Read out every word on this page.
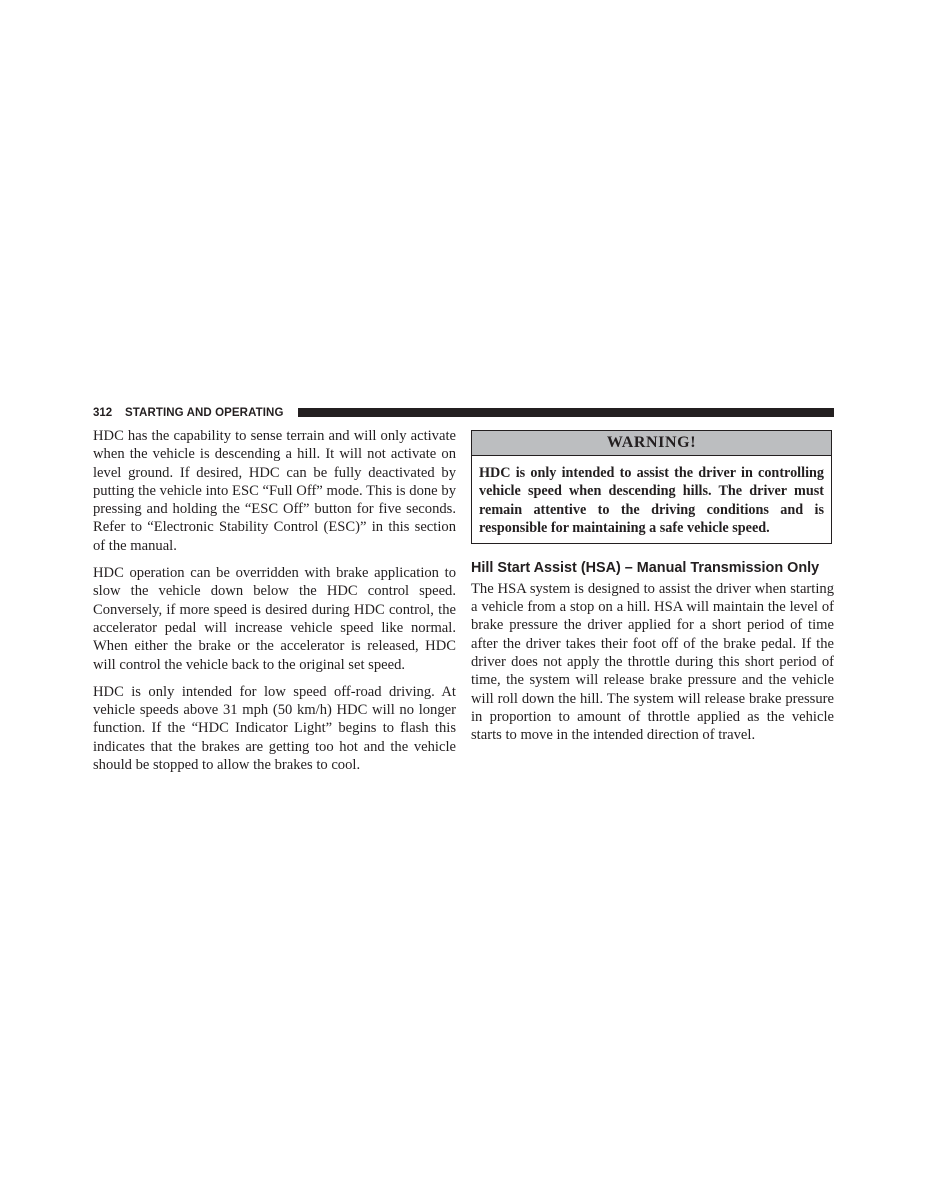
312 STARTING AND OPERATING

HDC has the capability to sense terrain and will only activate when the vehicle is descending a hill. It will not activate on level ground. If desired, HDC can be fully deactivated by putting the vehicle into ESC “Full Off” mode. This is done by pressing and holding the “ESC Off” button for five seconds. Refer to “Electronic Stability Control (ESC)” in this section of the manual.

HDC operation can be overridden with brake application to slow the vehicle down below the HDC control speed. Conversely, if more speed is desired during HDC control, the accelerator pedal will increase vehicle speed like normal. When either the brake or the accelerator is released, HDC will control the vehicle back to the original set speed.

HDC is only intended for low speed off-road driving. At vehicle speeds above 31 mph (50 km/h) HDC will no longer function. If the “HDC Indicator Light” begins to flash this indicates that the brakes are getting too hot and the vehicle should be stopped to allow the brakes to cool.

WARNING!

HDC is only intended to assist the driver in controlling vehicle speed when descending hills. The driver must remain attentive to the driving conditions and is responsible for maintaining a safe vehicle speed.

Hill Start Assist (HSA) – Manual Transmission Only

The HSA system is designed to assist the driver when starting a vehicle from a stop on a hill. HSA will maintain the level of brake pressure the driver applied for a short period of time after the driver takes their foot off of the brake pedal. If the driver does not apply the throttle during this short period of time, the system will release brake pressure and the vehicle will roll down the hill. The system will release brake pressure in proportion to amount of throttle applied as the vehicle starts to move in the intended direction of travel.
